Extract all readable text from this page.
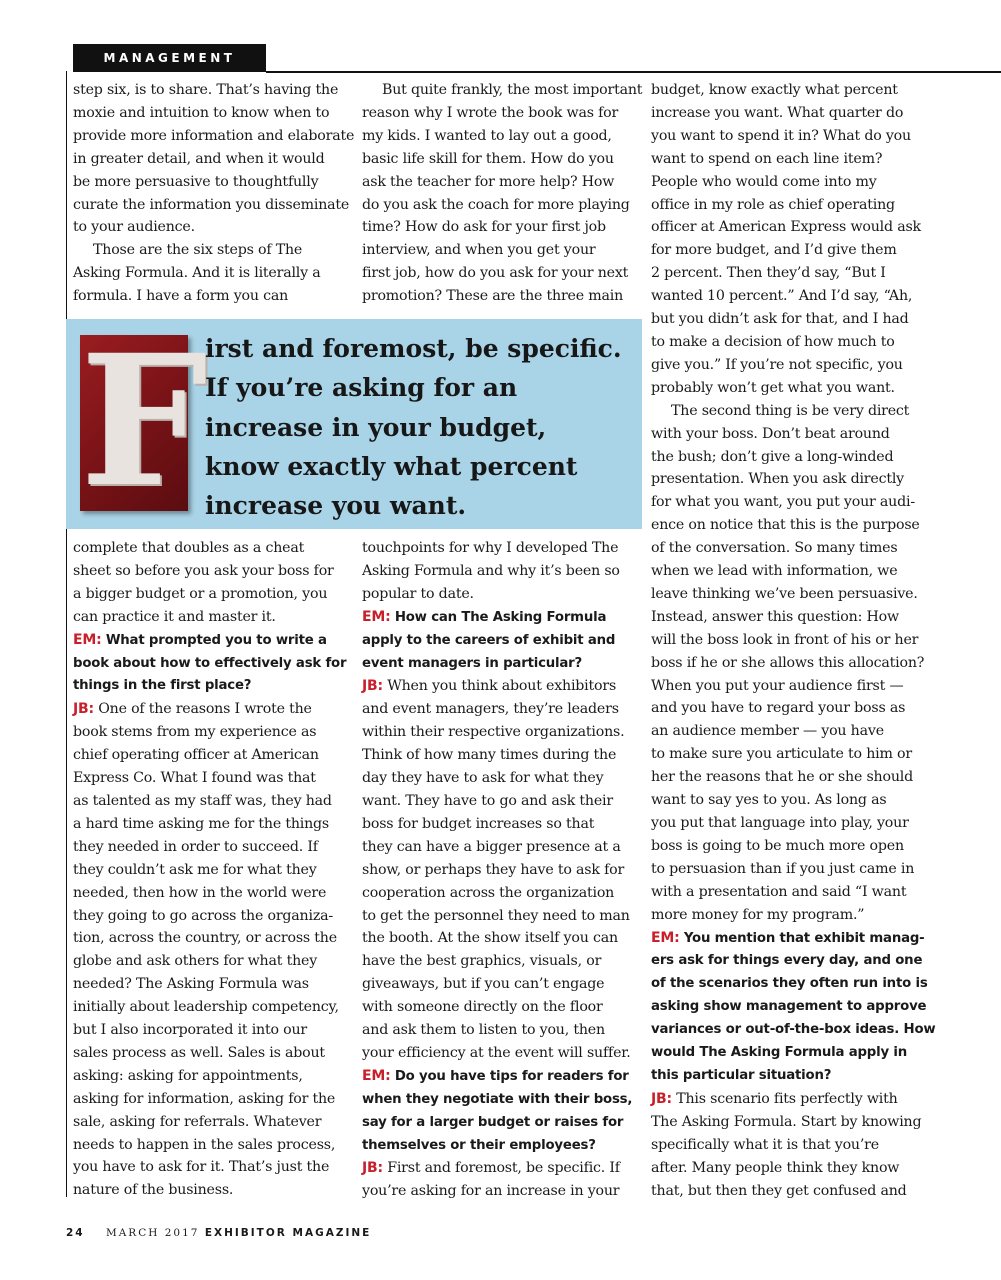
MANAGEMENT

step six, is to share. That’s having the

moxie and intuition to know when to

provide more information and elaborate

in greater detail, and when it would

be more persuasive to thoughtfully

curate the information you disseminate

to your audience.

Those are the six steps of The

Asking Formula. And it is literally a

formula. I have a form you can

But quite frankly, the most important

reason why I wrote the book was for

my kids. I wanted to lay out a good,

basic life skill for them. How do you

ask the teacher for more help? How

do you ask the coach for more playing

time? How do ask for your first job

interview, and when you get your

first job, how do you ask for your next

promotion? These are the three main

F
irst and foremost, be specific.
If you’re asking for an
increase in your budget,
know exactly what percent
increase you want.

complete that doubles as a cheat

sheet so before you ask your boss for

a bigger budget or a promotion, you

can practice it and master it.

EM: What prompted you to write a

book about how to effectively ask for

things in the first place?

JB: One of the reasons I wrote the

book stems from my experience as

chief operating officer at American

Express Co. What I found was that

as talented as my staff was, they had

a hard time asking me for the things

they needed in order to succeed. If

they couldn’t ask me for what they

needed, then how in the world were

they going to go across the organiza-

tion, across the country, or across the

globe and ask others for what they

needed? The Asking Formula was

initially about leadership competency,

but I also incorporated it into our

sales process as well. Sales is about

asking: asking for appointments,

asking for information, asking for the

sale, asking for referrals. Whatever

needs to happen in the sales process,

you have to ask for it. That’s just the

nature of the business.

touchpoints for why I developed The

Asking Formula and why it’s been so

popular to date.

EM: How can The Asking Formula

apply to the careers of exhibit and

event managers in particular?

JB: When you think about exhibitors

and event managers, they’re leaders

within their respective organizations.

Think of how many times during the

day they have to ask for what they

want. They have to go and ask their

boss for budget increases so that

they can have a bigger presence at a

show, or perhaps they have to ask for

cooperation across the organization

to get the personnel they need to man

the booth. At the show itself you can

have the best graphics, visuals, or

giveaways, but if you can’t engage

with someone directly on the floor

and ask them to listen to you, then

your efficiency at the event will suffer.

EM: Do you have tips for readers for

when they negotiate with their boss,

say for a larger budget or raises for

themselves or their employees?

JB: First and foremost, be specific. If

you’re asking for an increase in your

budget, know exactly what percent

increase you want. What quarter do

you want to spend it in? What do you

want to spend on each line item?

People who would come into my

office in my role as chief operating

officer at American Express would ask

for more budget, and I’d give them

2 percent. Then they’d say, “But I

wanted 10 percent.” And I’d say, “Ah,

but you didn’t ask for that, and I had

to make a decision of how much to

give you.” If you’re not specific, you

probably won’t get what you want.

The second thing is be very direct

with your boss. Don’t beat around

the bush; don’t give a long-winded

presentation. When you ask directly

for what you want, you put your audi-

ence on notice that this is the purpose

of the conversation. So many times

when we lead with information, we

leave thinking we’ve been persuasive.

Instead, answer this question: How

will the boss look in front of his or her

boss if he or she allows this allocation?

When you put your audience first —

and you have to regard your boss as

an audience member — you have

to make sure you articulate to him or

her the reasons that he or she should

want to say yes to you. As long as

you put that language into play, your

boss is going to be much more open

to persuasion than if you just came in

with a presentation and said “I want

more money for my program.”

EM: You mention that exhibit manag-

ers ask for things every day, and one

of the scenarios they often run into is

asking show management to approve

variances or out-of-the-box ideas. How

would The Asking Formula apply in

this particular situation?

JB: This scenario fits perfectly with

The Asking Formula. Start by knowing

specifically what it is that you’re

after. Many people think they know

that, but then they get confused and

24 MARCH 2017 EXHIBITOR MAGAZINE
